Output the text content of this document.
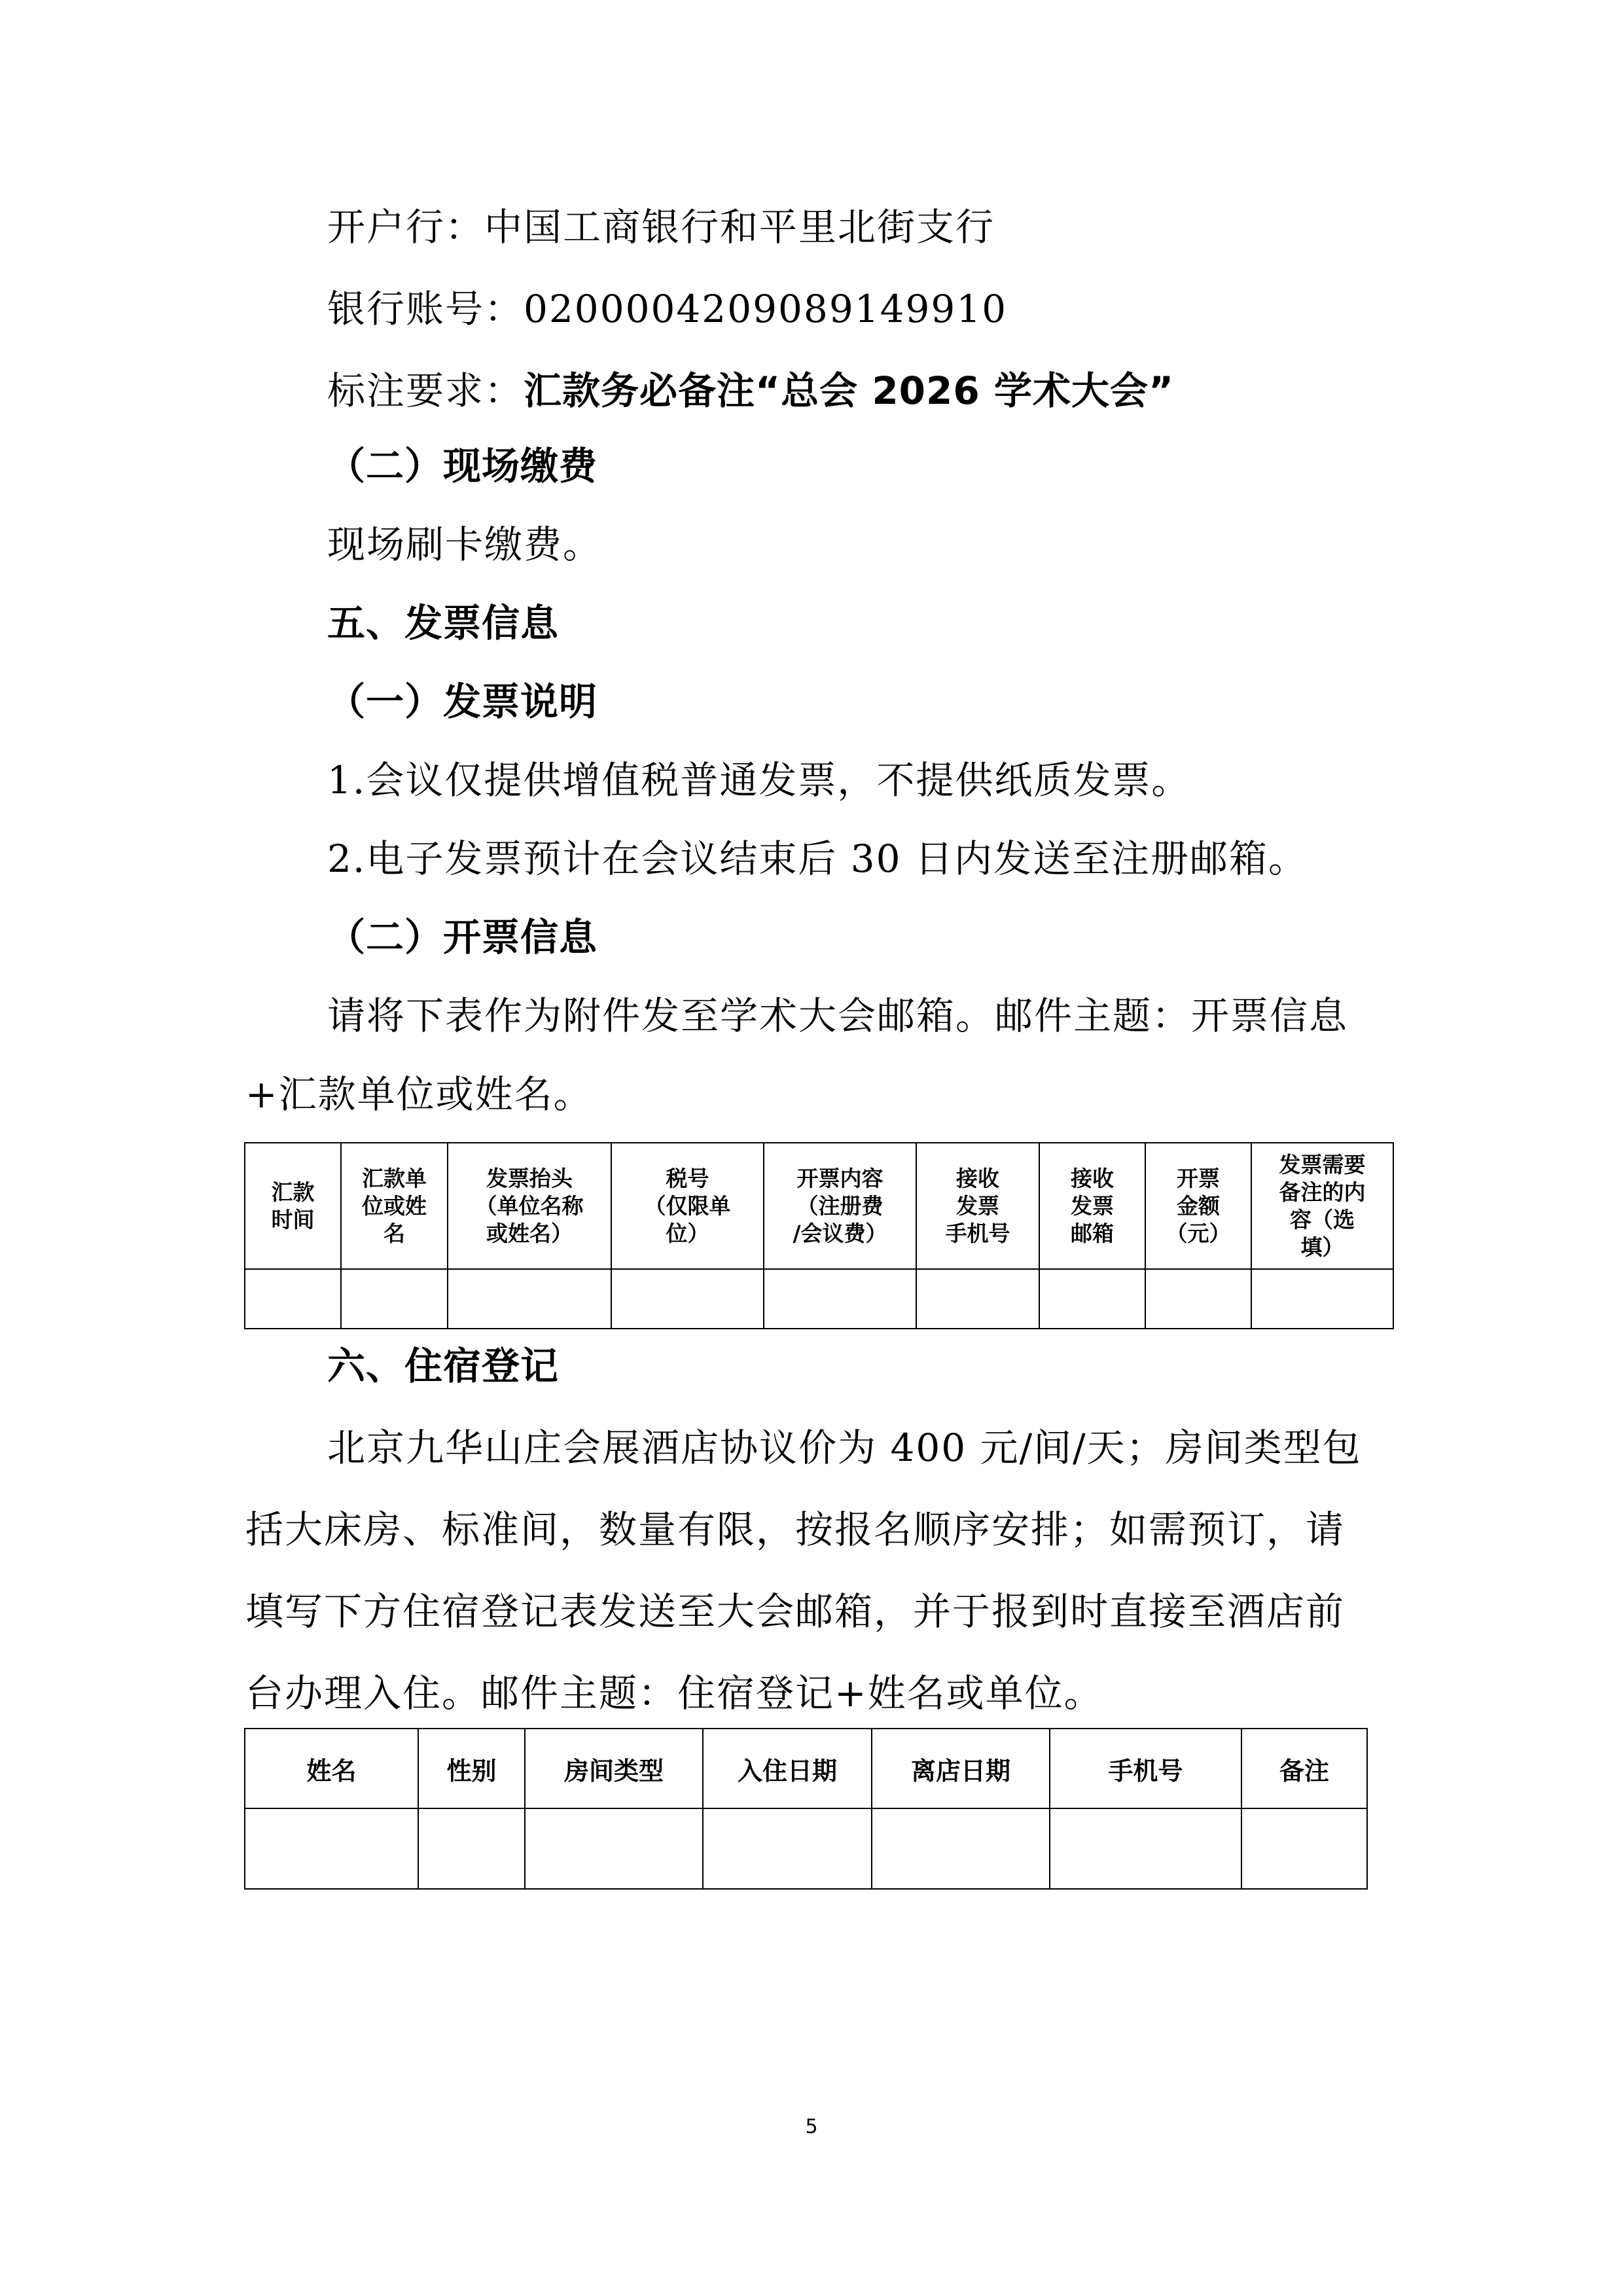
开户行：中国工商银行和平里北街支行
银行账号：0200004209089149910
标注要求：汇款务必备注“总会 2026 学术大会”
（二）现场缴费
现场刷卡缴费。
五、发票信息
（一）发票说明
1.会议仅提供增值税普通发票，不提供纸质发票。
2.电子发票预计在会议结束后 30 日内发送至注册邮箱。
（二）开票信息
请将下表作为附件发至学术大会邮箱。邮件主题：开票信息
+汇款单位或姓名。
汇款
时间	汇款单
位或姓
名	发票抬头
（单位名称
或姓名）	税号
（仅限单
位）	开票内容
（注册费
/会议费）	接收
发票
手机号	接收
发票
邮箱	开票
金额
（元）	发票需要
备注的内
容（选
填）

六、住宿登记
北京九华山庄会展酒店协议价为 400 元/间/天；房间类型包
括大床房、标准间，数量有限，按报名顺序安排；如需预订，请
填写下方住宿登记表发送至大会邮箱，并于报到时直接至酒店前
台办理入住。邮件主题：住宿登记+姓名或单位。
姓名	性别	房间类型	入住日期	离店日期	手机号	备注

5
